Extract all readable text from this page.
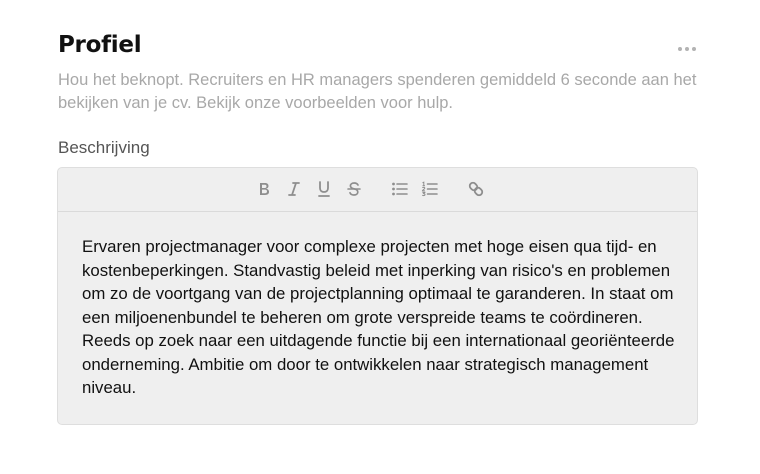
Profiel
Hou het beknopt. Recruiters en HR managers spenderen gemiddeld 6 seconde aan het bekijken van je cv. Bekijk onze voorbeelden voor hulp.
Beschrijving
Ervaren projectmanager voor complexe projecten met hoge eisen qua tijd- en kostenbeperkingen. Standvastig beleid met inperking van risico's en problemen om zo de voortgang van de projectplanning optimaal te garanderen. In staat om een miljoenenbundel te beheren om grote verspreide teams te coördineren. Reeds op zoek naar een uitdagende functie bij een internationaal georiënteerde onderneming. Ambitie om door te ontwikkelen naar strategisch management niveau.
